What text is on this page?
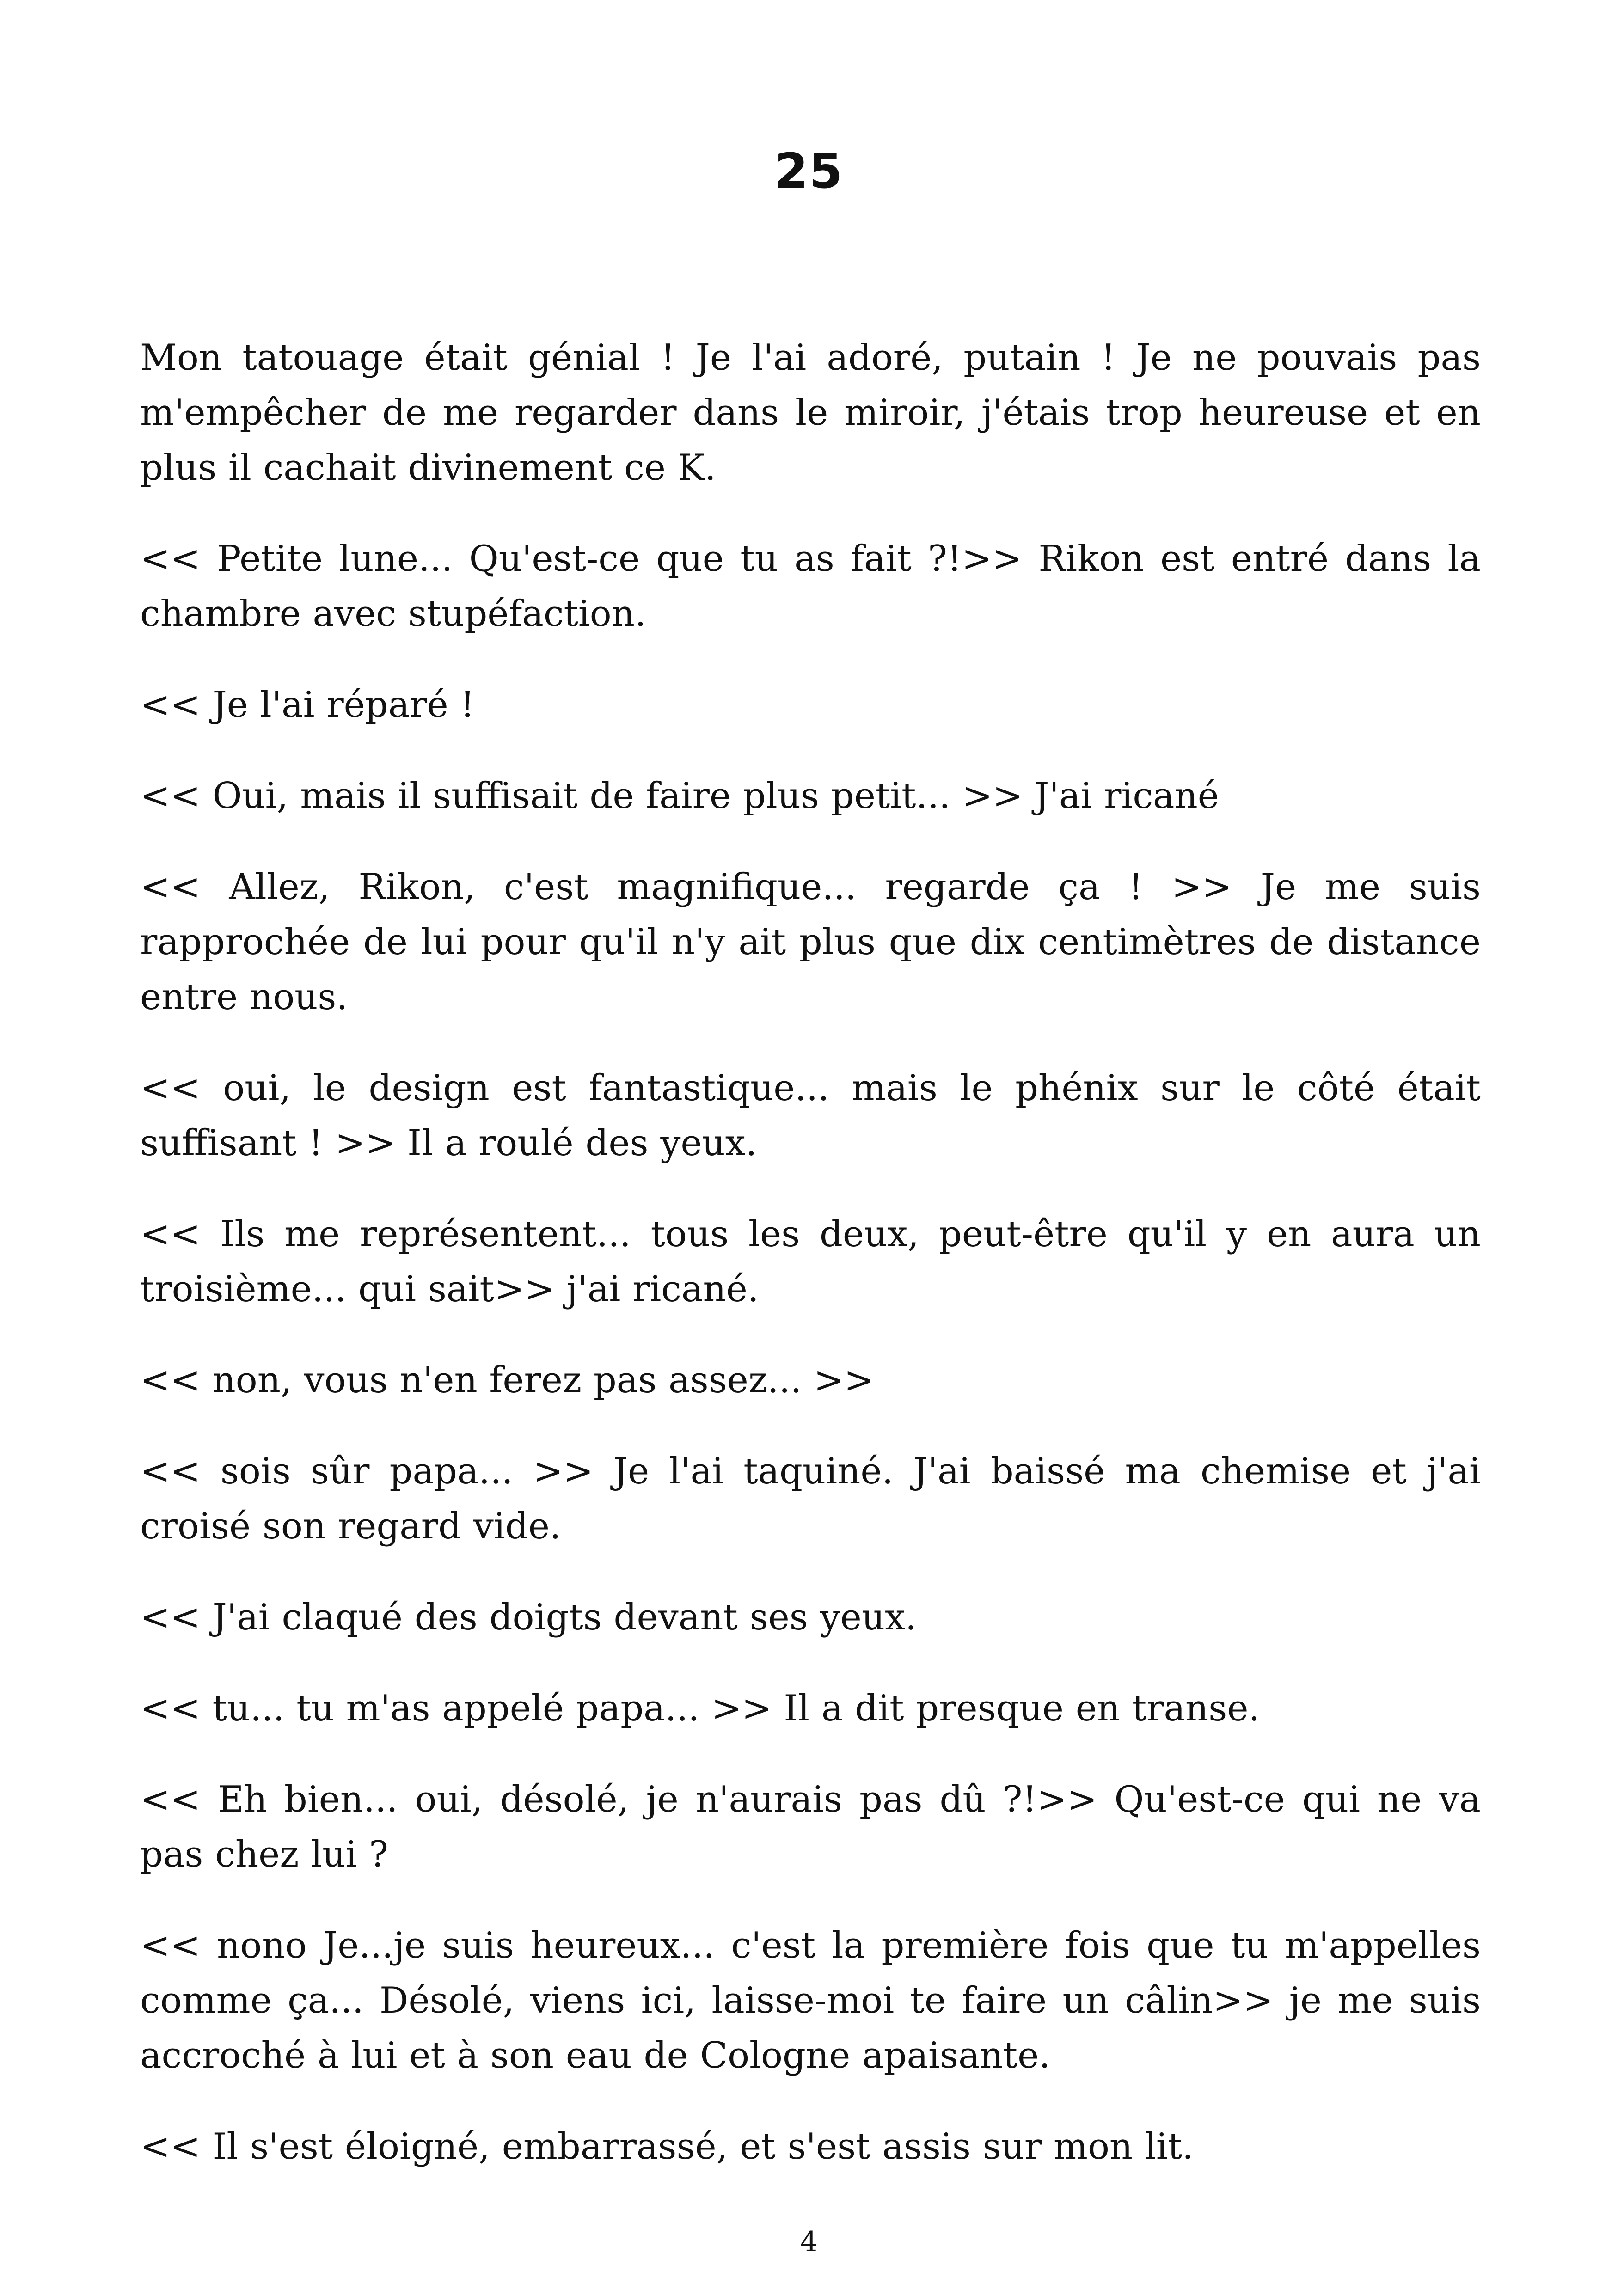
25

Mon tatouage était génial ! Je l'ai adoré, putain ! Je ne pouvais pas m'empêcher de me regarder dans le miroir, j'étais trop heureuse et en plus il cachait divinement ce K.

<< Petite lune... Qu'est-ce que tu as fait ?!>> Rikon est entré dans la chambre avec stupéfaction.

<< Je l'ai réparé !

<< Oui, mais il suffisait de faire plus petit... >> J'ai ricané

<< Allez, Rikon, c'est magnifique... regarde ça ! >> Je me suis rapprochée de lui pour qu'il n'y ait plus que dix centimètres de distance entre nous.

<< oui, le design est fantastique... mais le phénix sur le côté était suffisant ! >> Il a roulé des yeux.

<< Ils me représentent... tous les deux, peut-être qu'il y en aura un troisième... qui sait>> j'ai ricané.

<< non, vous n'en ferez pas assez... >>

<< sois sûr papa... >> Je l'ai taquiné. J'ai baissé ma chemise et j'ai croisé son regard vide.

<< J'ai claqué des doigts devant ses yeux.

<< tu... tu m'as appelé papa... >> Il a dit presque en transe.

<< Eh bien... oui, désolé, je n'aurais pas dû ?!>> Qu'est-ce qui ne va pas chez lui ?

<< nono Je...je suis heureux... c'est la première fois que tu m'appelles comme ça... Désolé, viens ici, laisse-moi te faire un câlin>> je me suis accroché à lui et à son eau de Cologne apaisante.

<< Il s'est éloigné, embarrassé, et s'est assis sur mon lit.

4
